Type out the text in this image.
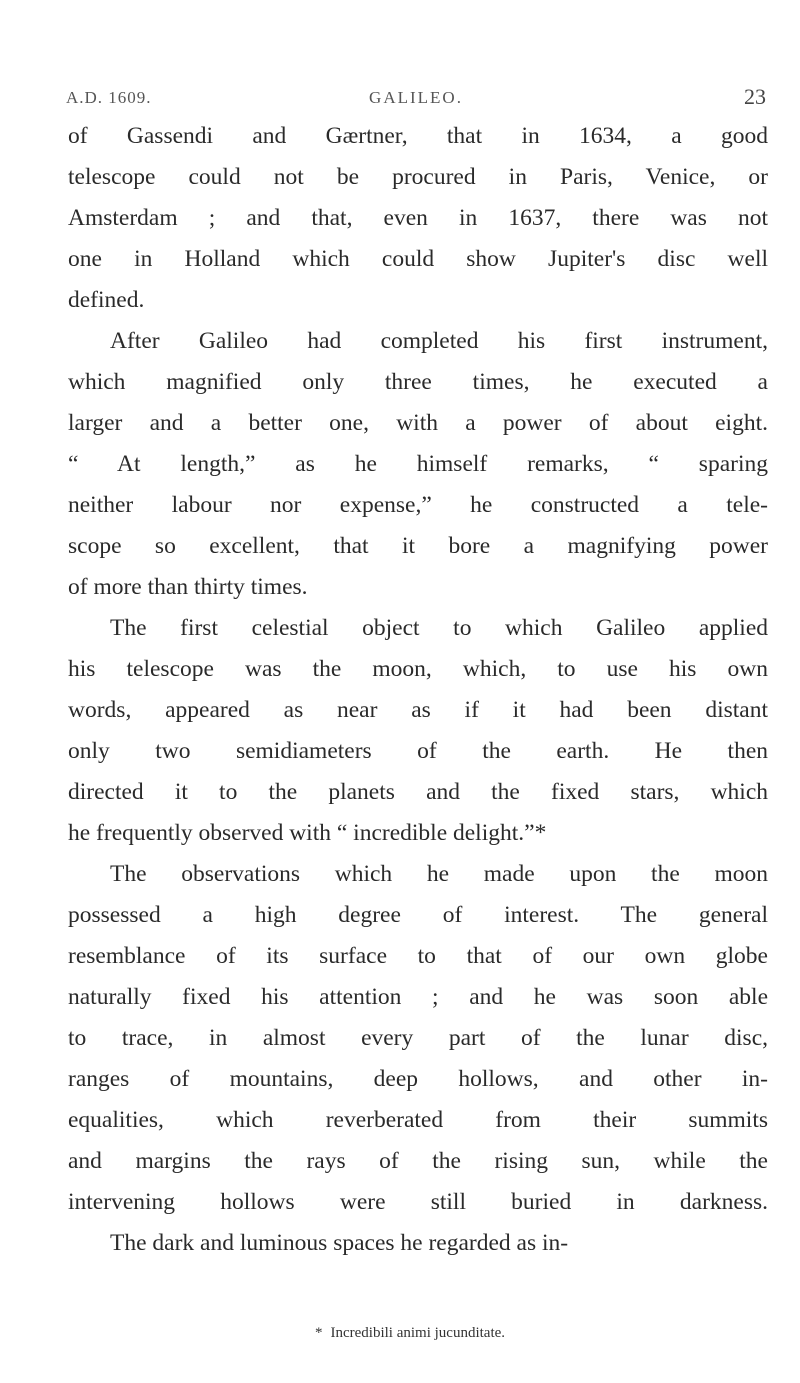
A.D. 1609.	GALILEO.	23
of Gassendi and Gærtner, that in 1634, a good
telescope could not be procured in Paris, Venice, or
Amsterdam ; and that, even in 1637, there was not
one in Holland which could show Jupiter's disc well
defined.
After Galileo had completed his first instrument,
which magnified only three times, he executed a
larger and a better one, with a power of about eight.
“ At length,” as he himself remarks, “ sparing
neither labour nor expense,” he constructed a tele-
scope so excellent, that it bore a magnifying power
of more than thirty times.
The first celestial object to which Galileo applied
his telescope was the moon, which, to use his own
words, appeared as near as if it had been distant
only two semidiameters of the earth. He then
directed it to the planets and the fixed stars, which
he frequently observed with “ incredible delight.”*
The observations which he made upon the moon
possessed a high degree of interest. The general
resemblance of its surface to that of our own globe
naturally fixed his attention ; and he was soon able
to trace, in almost every part of the lunar disc,
ranges of mountains, deep hollows, and other in-
equalities, which reverberated from their summits
and margins the rays of the rising sun, while the
intervening hollows were still buried in darkness.
The dark and luminous spaces he regarded as in-
* Incredibili animi jucunditate.
